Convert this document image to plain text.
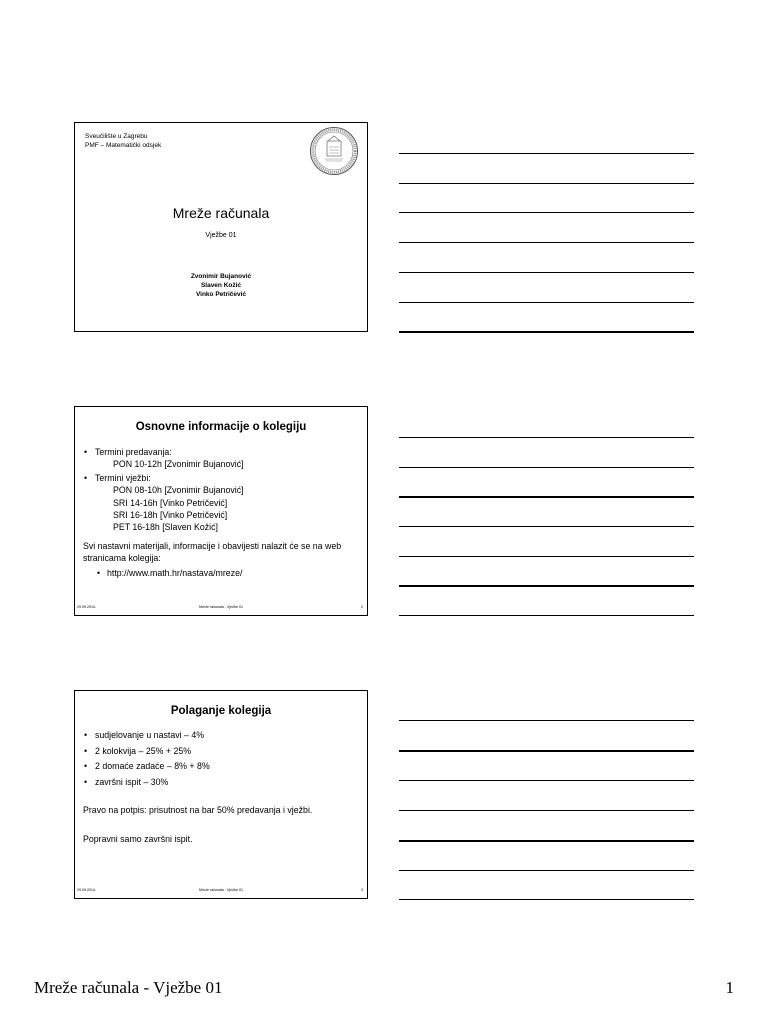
Sveučilište u Zagrebu
PMF – Matematički odsjek
Mreže računala
Vježbe 01
Zvonimir Bujanović
Slaven Kožić
Vinko Petričević
Osnovne informacije o kolegiju
• Termini predavanja:
PON 10-12h [Zvonimir Bujanović]
• Termini vježbi:
PON 08-10h [Zvonimir Bujanović]
SRI 14-16h [Vinko Petričević]
SRI 16-18h [Vinko Petričević]
PET 16-18h [Slaven Kožić]
Svi nastavni materijali, informacije i obavijesti nalazit će se na web stranicama kolegija:
• http://www.math.hr/nastava/mreze/
29.09.2014.	Mreže računala - Vježbe 01	2
Polaganje kolegija
• sudjelovanje u nastavi – 4%
• 2 kolokvija – 25% + 25%
• 2 domaće zadaće – 8% + 8%
• završni ispit – 30%
Pravo na potpis: prisutnost na bar 50% predavanja i vježbi.
Popravni samo završni ispit.
29.09.2014.	Mreže računala - Vježbe 01	3
Mreže računala - Vježbe 01	1
